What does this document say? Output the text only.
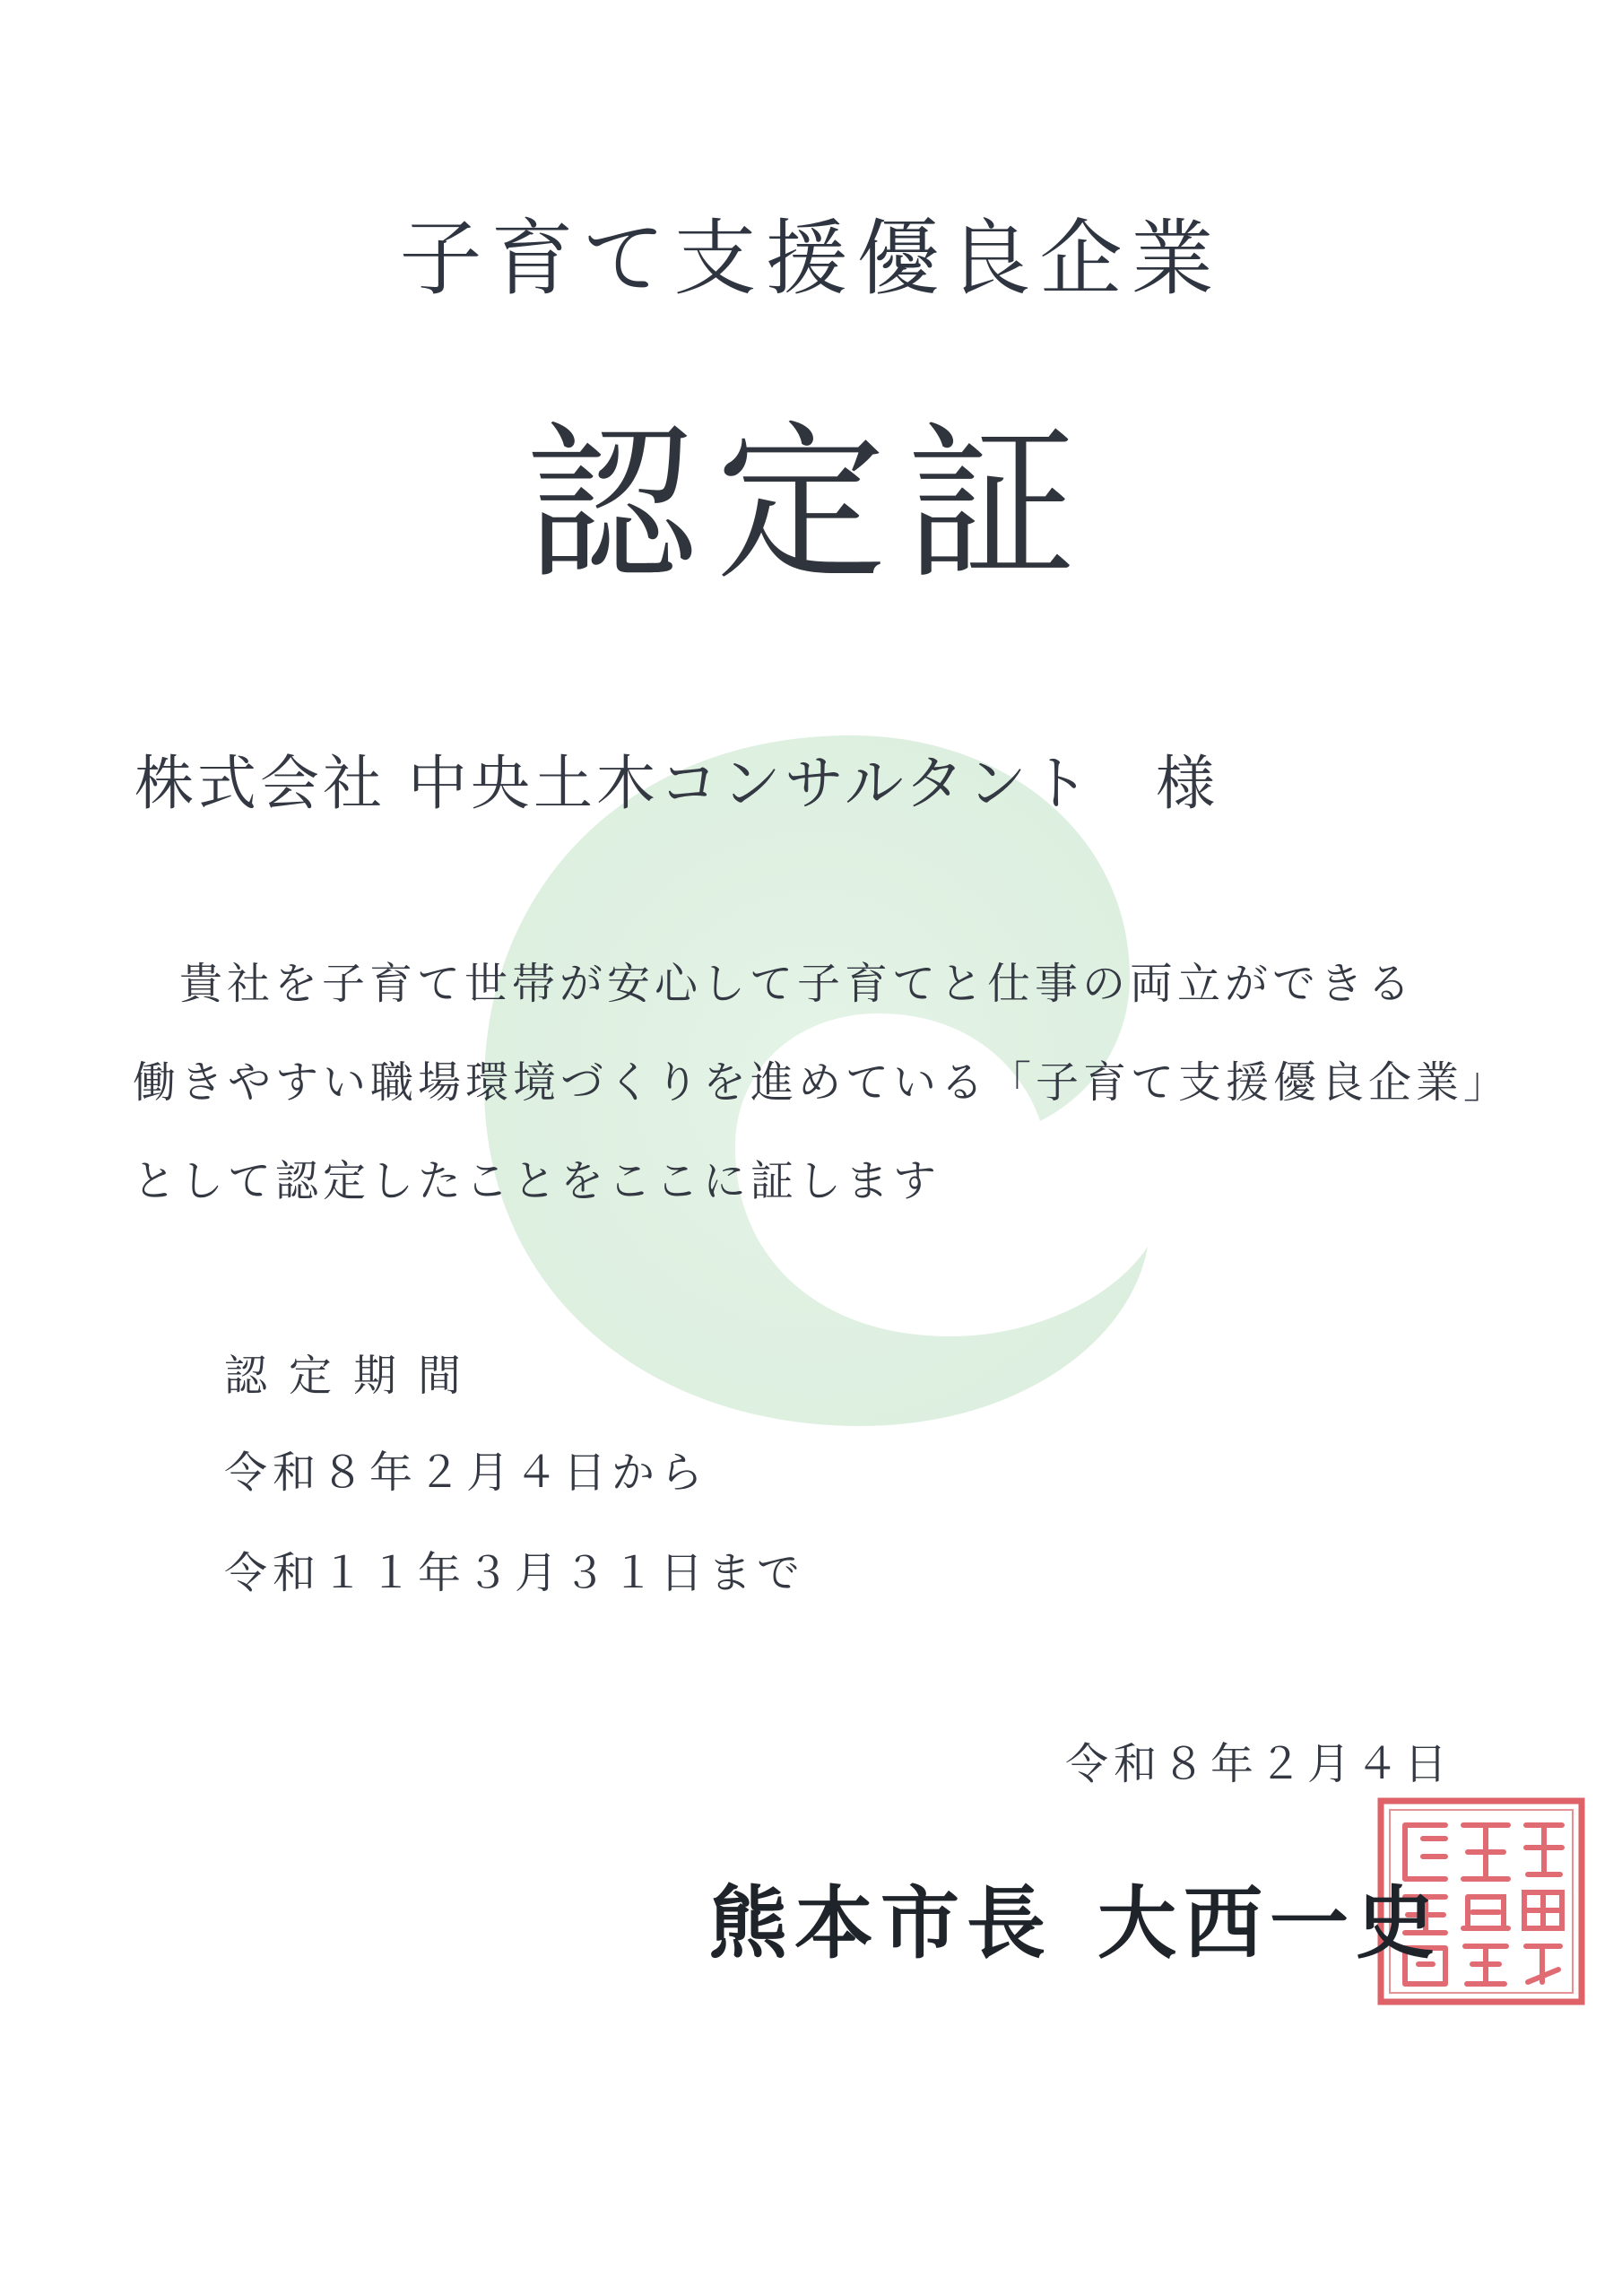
子育て支援優良企業
認定証
株式会社 中央土木コンサルタント 様
貴社を子育て世帯が安心して子育てと仕事の両立ができる
働きやすい職場環境づくりを進めている「子育て支援優良企業」
として認定したことをここに証します
認定期間
令和８年２月４日から
令和１１年３月３１日まで
令和８年２月４日
熊本市長 大西一史
